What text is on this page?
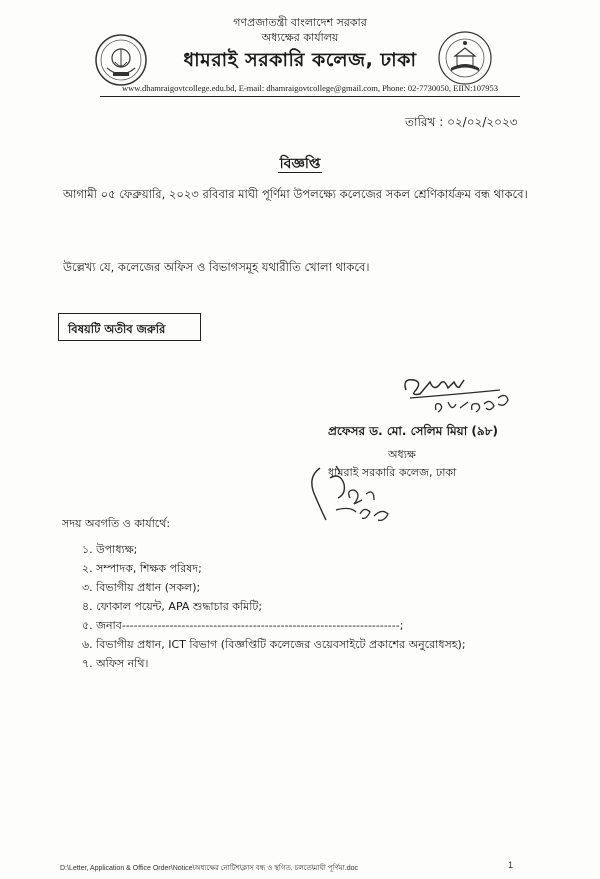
গণপ্রজাতন্ত্রী বাংলাদেশ সরকার
অধ্যক্ষের কার্যালয়
ধামরাই সরকারি কলেজ, ঢাকা
www.dhamraigovtcollege.edu.bd, E-mail: dhamraigovtcollege@gmail.com, Phone: 02-7730050, EIIN:107953
তারিখ : ০২/০২/২০২৩
বিজ্ঞপ্তি
আগামী ০৫ ফেব্রুয়ারি, ২০২৩ রবিবার মাঘী পূর্ণিমা উপলক্ষ্যে কলেজের সকল শ্রেণিকার্যক্রম বন্ধ থাকবে।
উল্লেখ্য যে, কলেজের অফিস ও বিভাগসমূহ যথারীতি খোলা থাকবে।
বিষয়টি অতীব জরুরি
প্রফেসর ড. মো. সেলিম মিয়া (৯৮)
অধ্যক্ষ
ধামরাই সরকারি কলেজ, ঢাকা
সদয় অবগতি ও কার্যার্থে:
১. উপাধ্যক্ষ;
২. সম্পাদক, শিক্ষক পরিষদ;
৩. বিভাগীয় প্রধান (সকল);
৪. ফোকাল পয়েন্ট, APA শুদ্ধাচার কমিটি;
৫. জনাব----------------------------------------------------------------------;
৬. বিভাগীয় প্রধান, ICT বিভাগ (বিজ্ঞপ্তিটি কলেজের ওয়েবসাইটে প্রকাশের অনুরোধসহ);
৭. অফিস নথি।
D:\Letter, Application & Office Order\Notice\অধ্যক্ষের নোটিশ\ক্লাস বন্ধ ও স্থগিত. চলতে\মাঘী পূর্ণিমা.doc	1
